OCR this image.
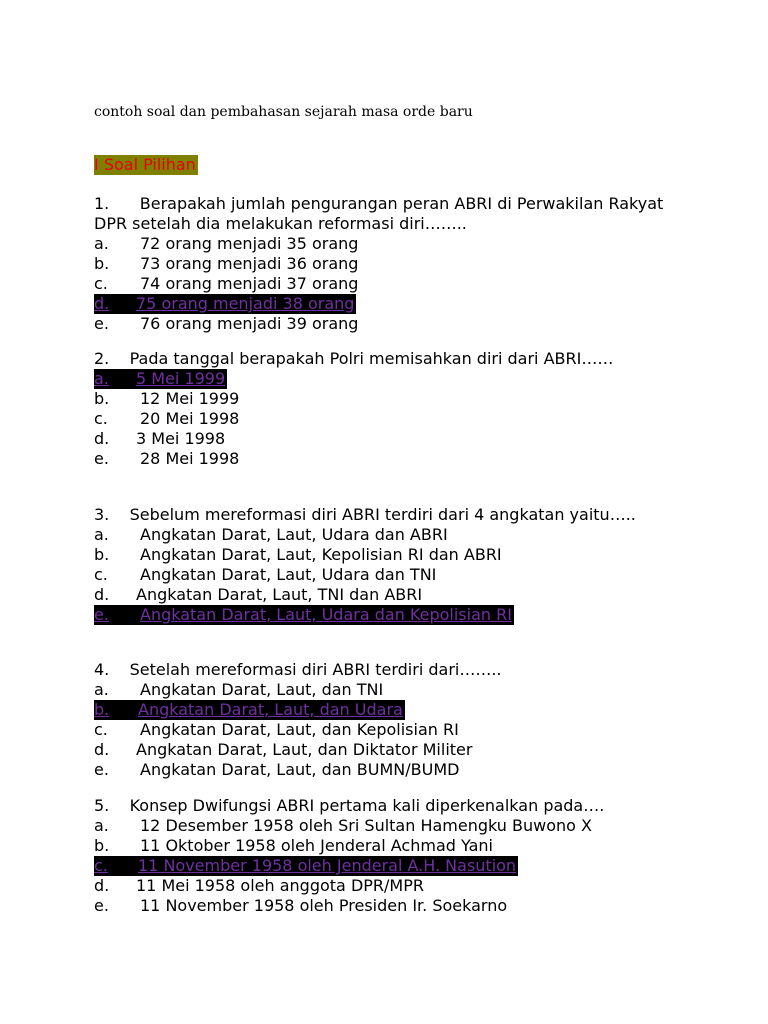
contoh soal dan pembahasan sejarah masa orde baru
I Soal Pilihan
1. Berapakah jumlah pengurangan peran ABRI di Perwakilan Rakyat DPR setelah dia melakukan reformasi diri……..
a.	72 orang menjadi 35 orang
b.	73 orang menjadi 36 orang
c.	74 orang menjadi 37 orang
d.	75 orang menjadi 38 orang
e.	76 orang menjadi 39 orang
2. Pada tanggal berapakah Polri memisahkan diri dari ABRI……
a.	5 Mei 1999
b.	12 Mei 1999
c.	20 Mei 1998
d.	3 Mei 1998
e.	28 Mei 1998
3. Sebelum mereformasi diri ABRI terdiri dari 4 angkatan yaitu…..
a.	Angkatan Darat, Laut, Udara dan ABRI
b.	Angkatan Darat, Laut, Kepolisian RI dan ABRI
c.	Angkatan Darat, Laut, Udara dan TNI
d.	Angkatan Darat, Laut, TNI dan ABRI
e.	Angkatan Darat, Laut, Udara dan Kepolisian RI
4. Setelah mereformasi diri ABRI terdiri dari……..
a.	Angkatan Darat, Laut, dan TNI
b.	Angkatan Darat, Laut, dan Udara
c.	Angkatan Darat, Laut, dan Kepolisian RI
d.	Angkatan Darat, Laut, dan Diktator Militer
e.	Angkatan Darat, Laut, dan BUMN/BUMD
5. Konsep Dwifungsi ABRI pertama kali diperkenalkan pada….
a.	12 Desember 1958 oleh Sri Sultan Hamengku Buwono X
b.	11 Oktober 1958 oleh Jenderal Achmad Yani
c.	11 November 1958 oleh Jenderal A.H. Nasution
d.	11 Mei 1958 oleh anggota DPR/MPR
e.	11 November 1958 oleh Presiden Ir. Soekarno
